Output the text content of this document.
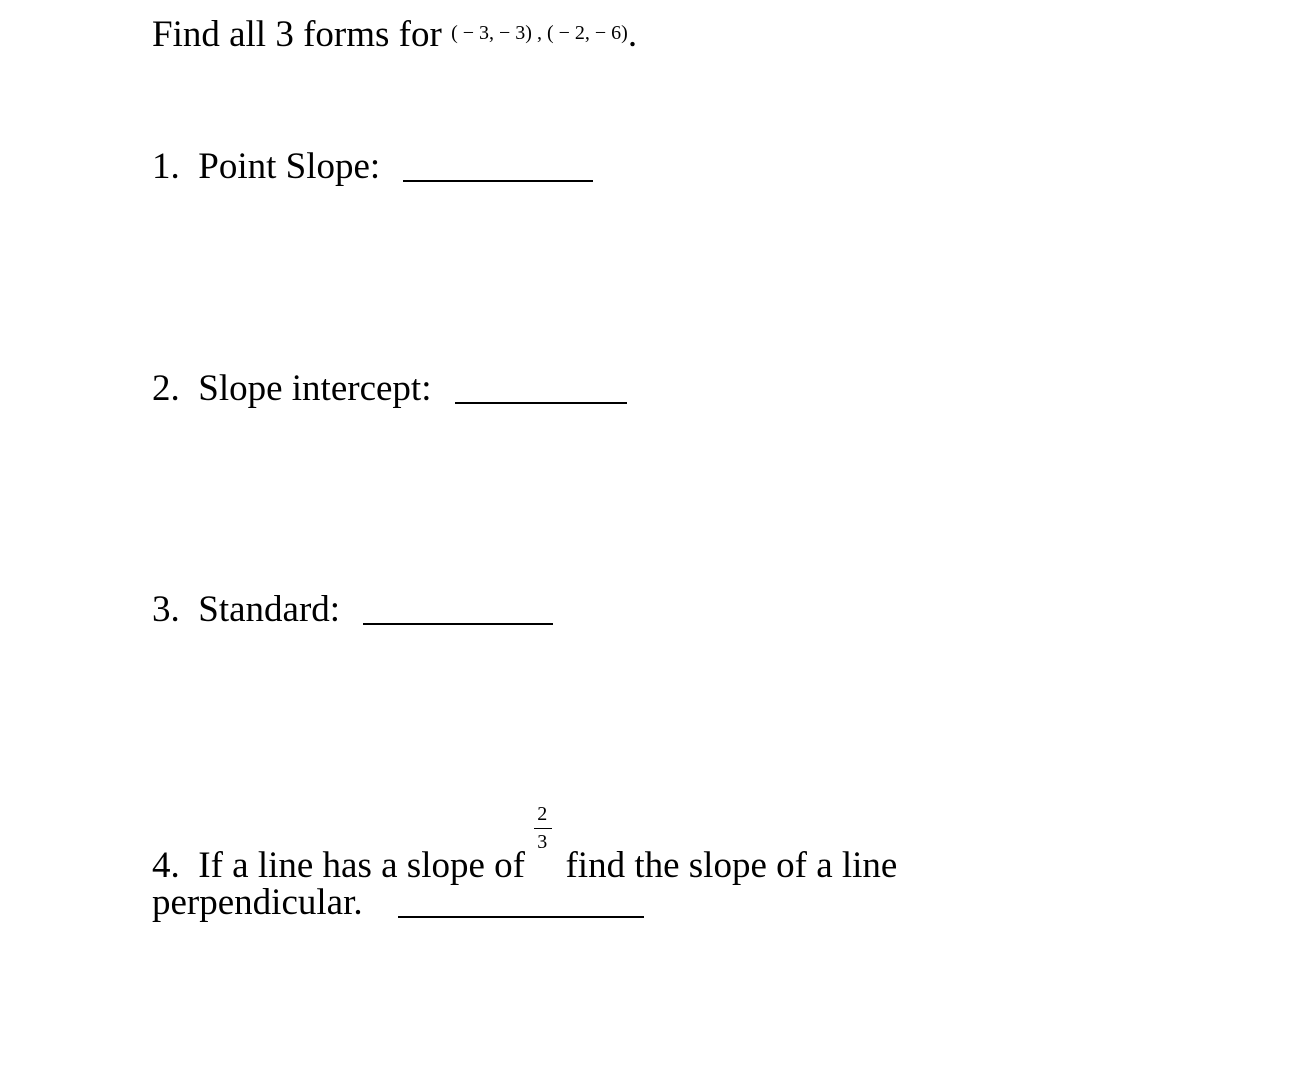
Find all 3 forms for ( − 3, − 3) , ( − 2, − 6).
1. Point Slope:
2. Slope intercept:
3. Standard:
4. If a line has a slope of $\frac{2}{3}$ find the slope of a line
perpendicular.
